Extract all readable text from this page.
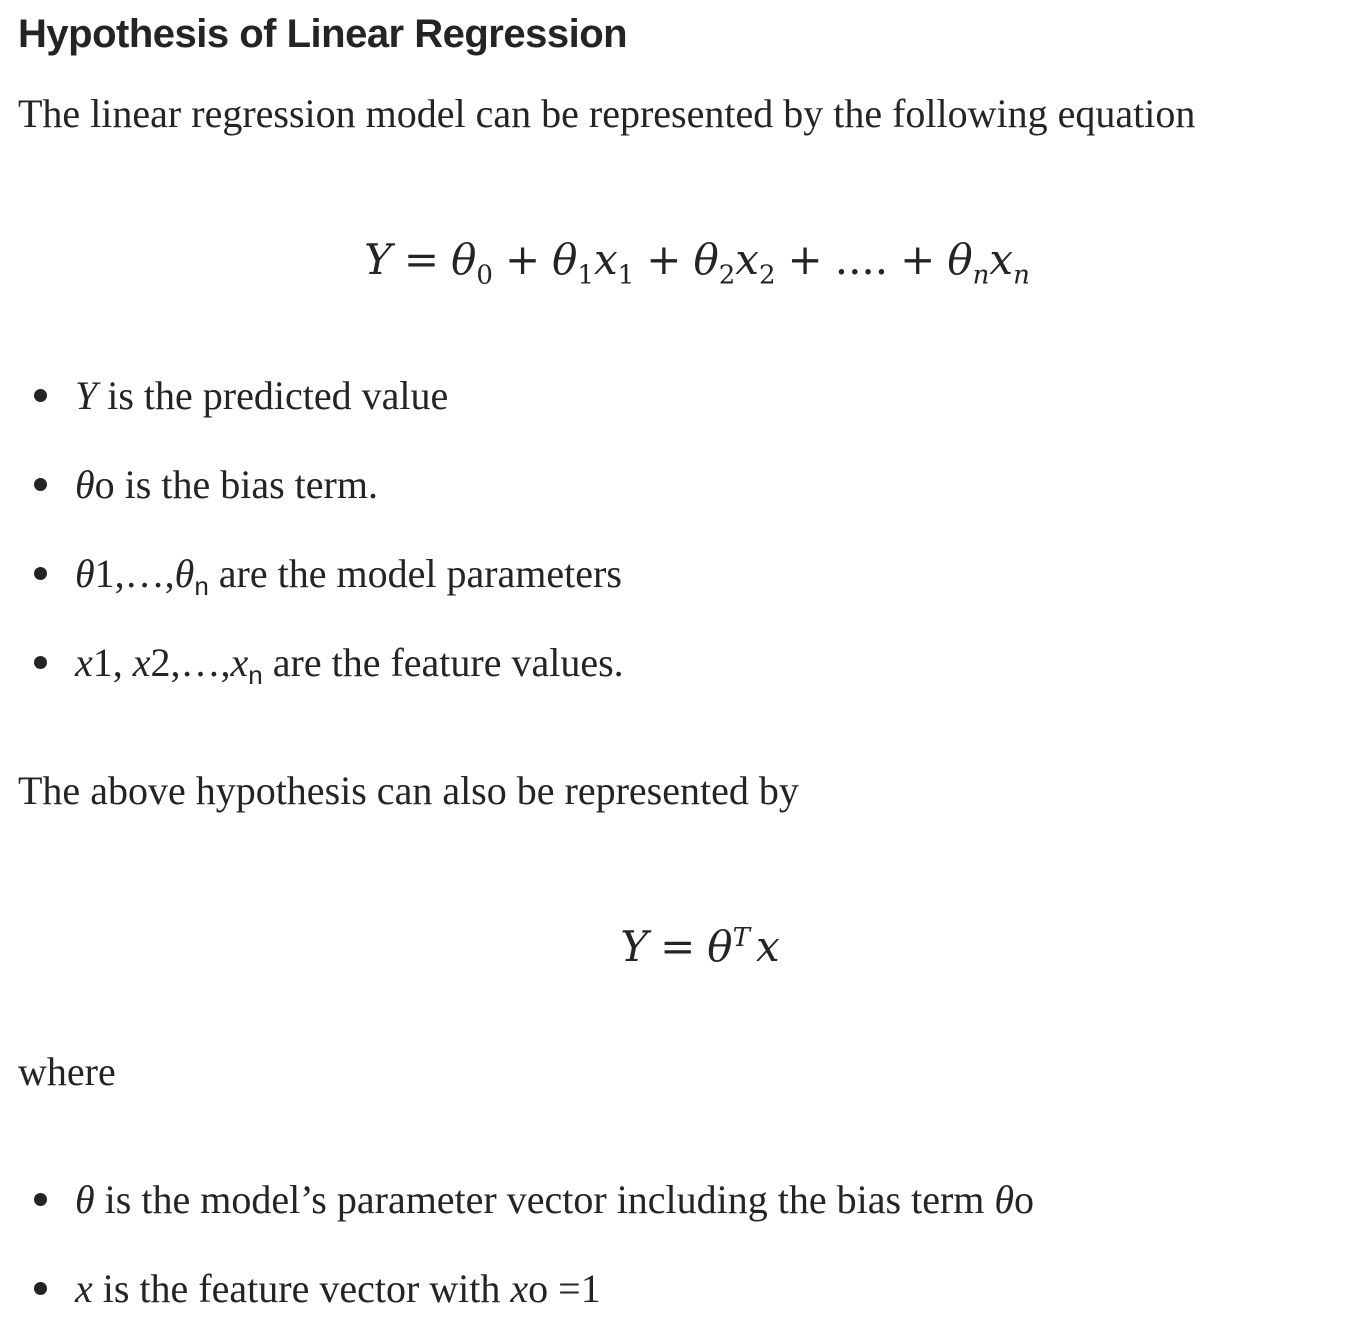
Hypothesis of Linear Regression

The linear regression model can be represented by the following equation

$Y = \theta_0 + \theta_1x_1 + \theta_2x_2$ + .... + $\theta_nx_n$
Y is the predicted value
θo is the bias term.
$\theta 1,\dots,\theta_n$ are the model parameters
x1, $x2,\dots,x_n$ are the feature values.

The above hypothesis can also be represented by

$Y = \theta^T$ x

where

θ is the model’s parameter vector including the bias term θo
x is the feature vector with xo =1
